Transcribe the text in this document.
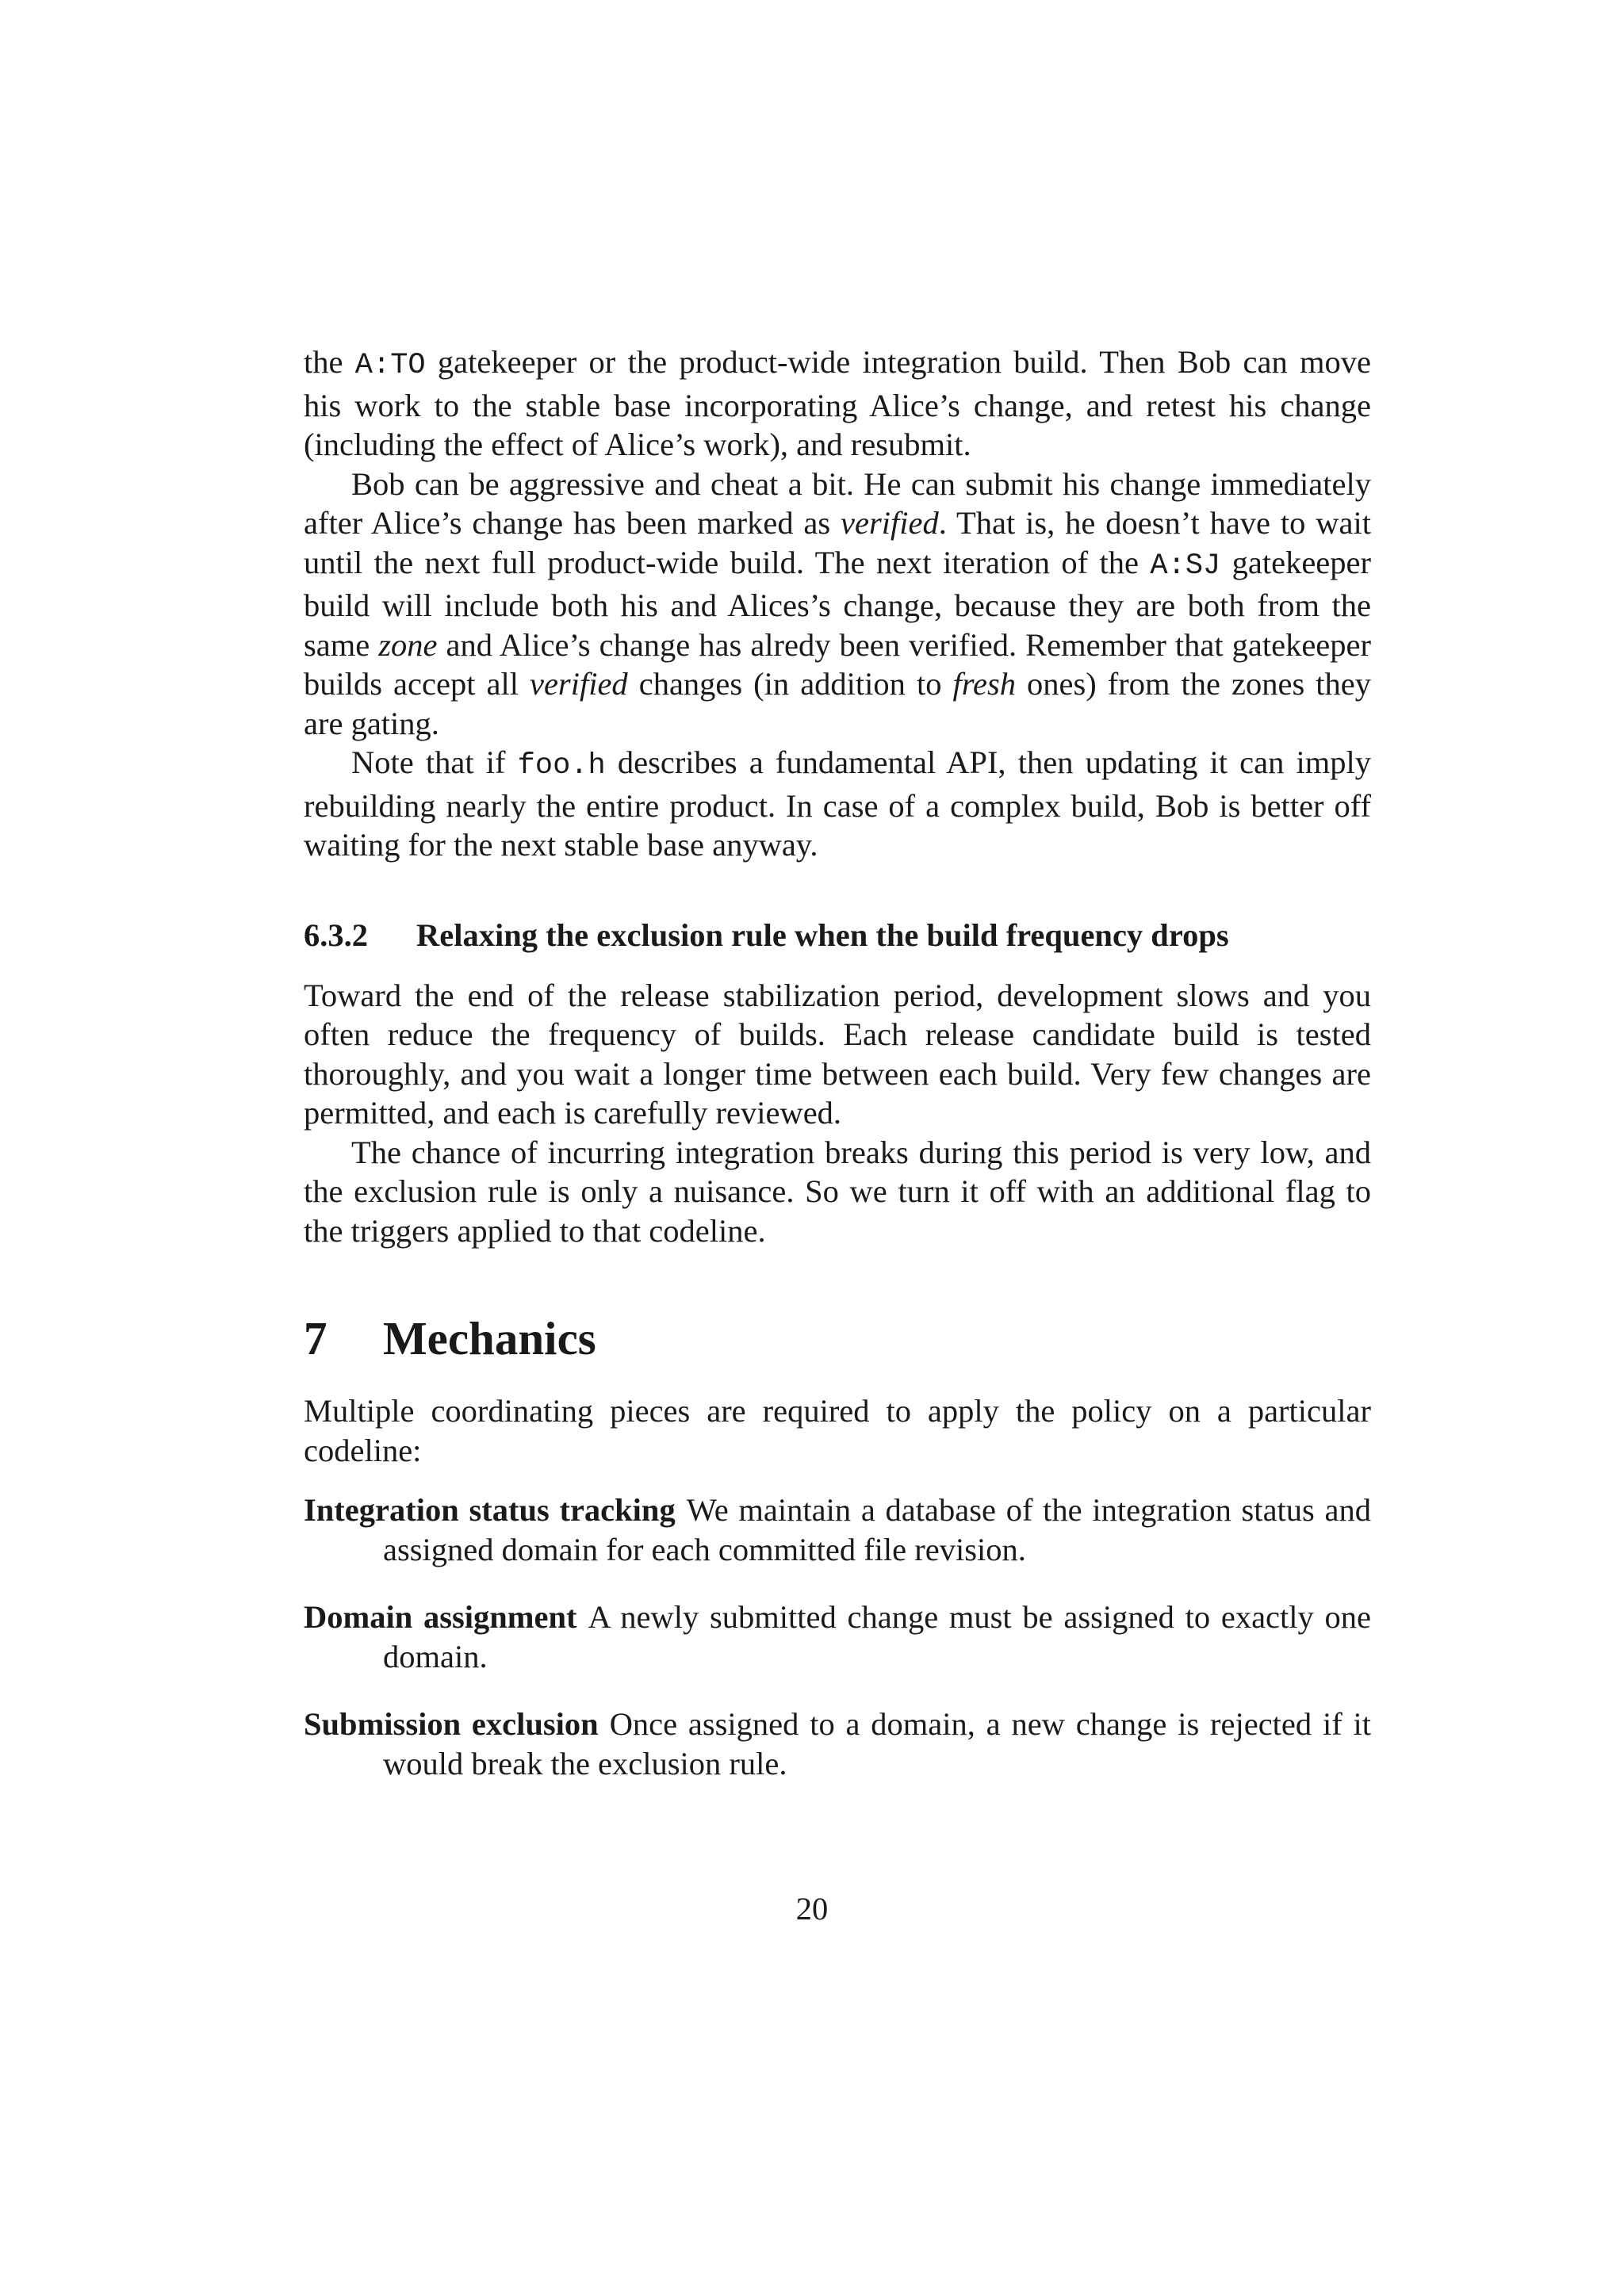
the A:TO gatekeeper or the product-wide integration build. Then Bob can move his work to the stable base incorporating Alice’s change, and retest his change (including the effect of Alice’s work), and resubmit.

Bob can be aggressive and cheat a bit. He can submit his change immediately after Alice’s change has been marked as verified. That is, he doesn’t have to wait until the next full product-wide build. The next iteration of the A:SJ gatekeeper build will include both his and Alices’s change, because they are both from the same zone and Alice’s change has alredy been verified. Remember that gatekeeper builds accept all verified changes (in addition to fresh ones) from the zones they are gating.

Note that if foo.h describes a fundamental API, then updating it can imply rebuilding nearly the entire product. In case of a complex build, Bob is better off waiting for the next stable base anyway.

6.3.2 Relaxing the exclusion rule when the build frequency drops

Toward the end of the release stabilization period, development slows and you often reduce the frequency of builds. Each release candidate build is tested thoroughly, and you wait a longer time between each build. Very few changes are permitted, and each is carefully reviewed.

The chance of incurring integration breaks during this period is very low, and the exclusion rule is only a nuisance. So we turn it off with an additional flag to the triggers applied to that codeline.

7 Mechanics

Multiple coordinating pieces are required to apply the policy on a particular codeline:

Integration status tracking We maintain a database of the integration status and assigned domain for each committed file revision.
Domain assignment A newly submitted change must be assigned to exactly one domain.
Submission exclusion Once assigned to a domain, a new change is rejected if it would break the exclusion rule.
20
